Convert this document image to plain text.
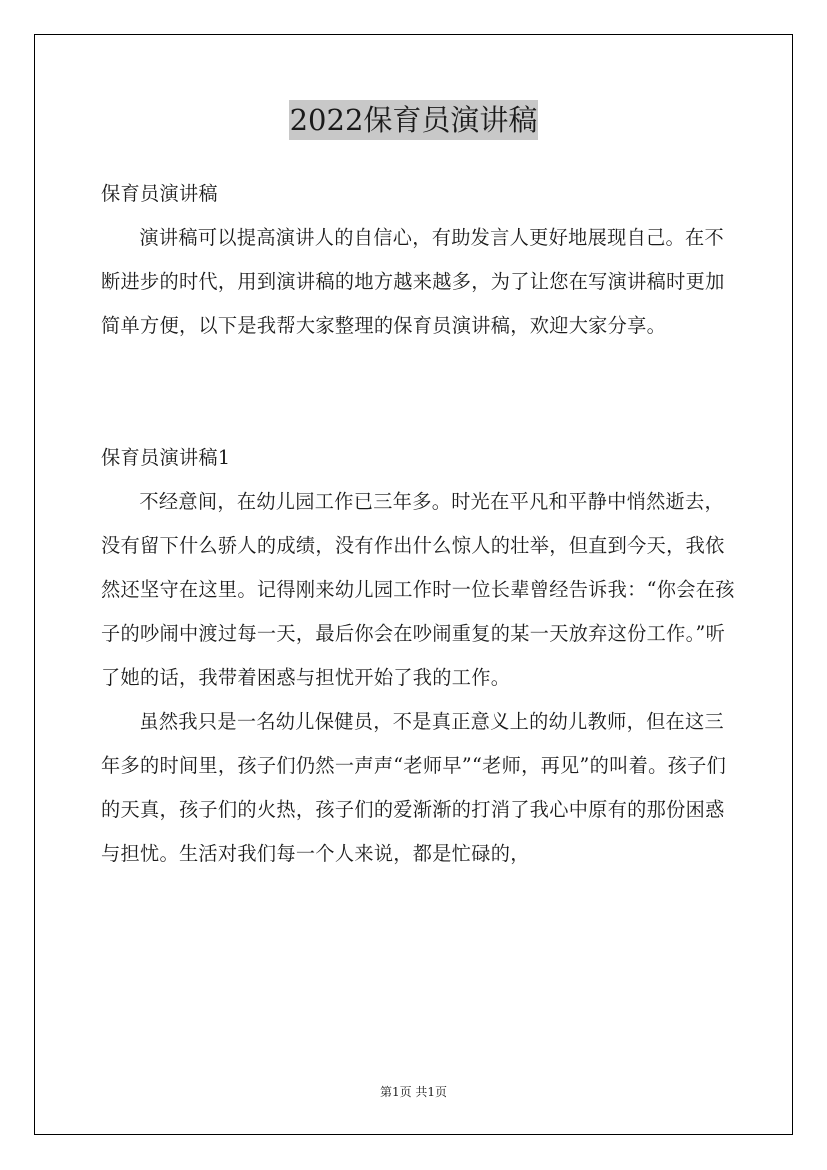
2022保育员演讲稿

保育员演讲稿

演讲稿可以提高演讲人的自信心，有助发言人更好地展现自己。在不断进步的时代，用到演讲稿的地方越来越多，为了让您在写演讲稿时更加简单方便，以下是我帮大家整理的保育员演讲稿，欢迎大家分享。

保育员演讲稿1

不经意间，在幼儿园工作已三年多。时光在平凡和平静中悄然逝去，没有留下什么骄人的成绩，没有作出什么惊人的壮举，但直到今天，我依然还坚守在这里。记得刚来幼儿园工作时一位长辈曾经告诉我：“你会在孩子的吵闹中渡过每一天，最后你会在吵闹重复的某一天放弃这份工作。”听了她的话，我带着困惑与担忧开始了我的工作。

虽然我只是一名幼儿保健员，不是真正意义上的幼儿教师，但在这三年多的时间里，孩子们仍然一声声“老师早”“老师，再见”的叫着。孩子们的天真，孩子们的火热，孩子们的爱渐渐的打消了我心中原有的那份困惑与担忧。生活对我们每一个人来说，都是忙碌的，

第1页 共1页
